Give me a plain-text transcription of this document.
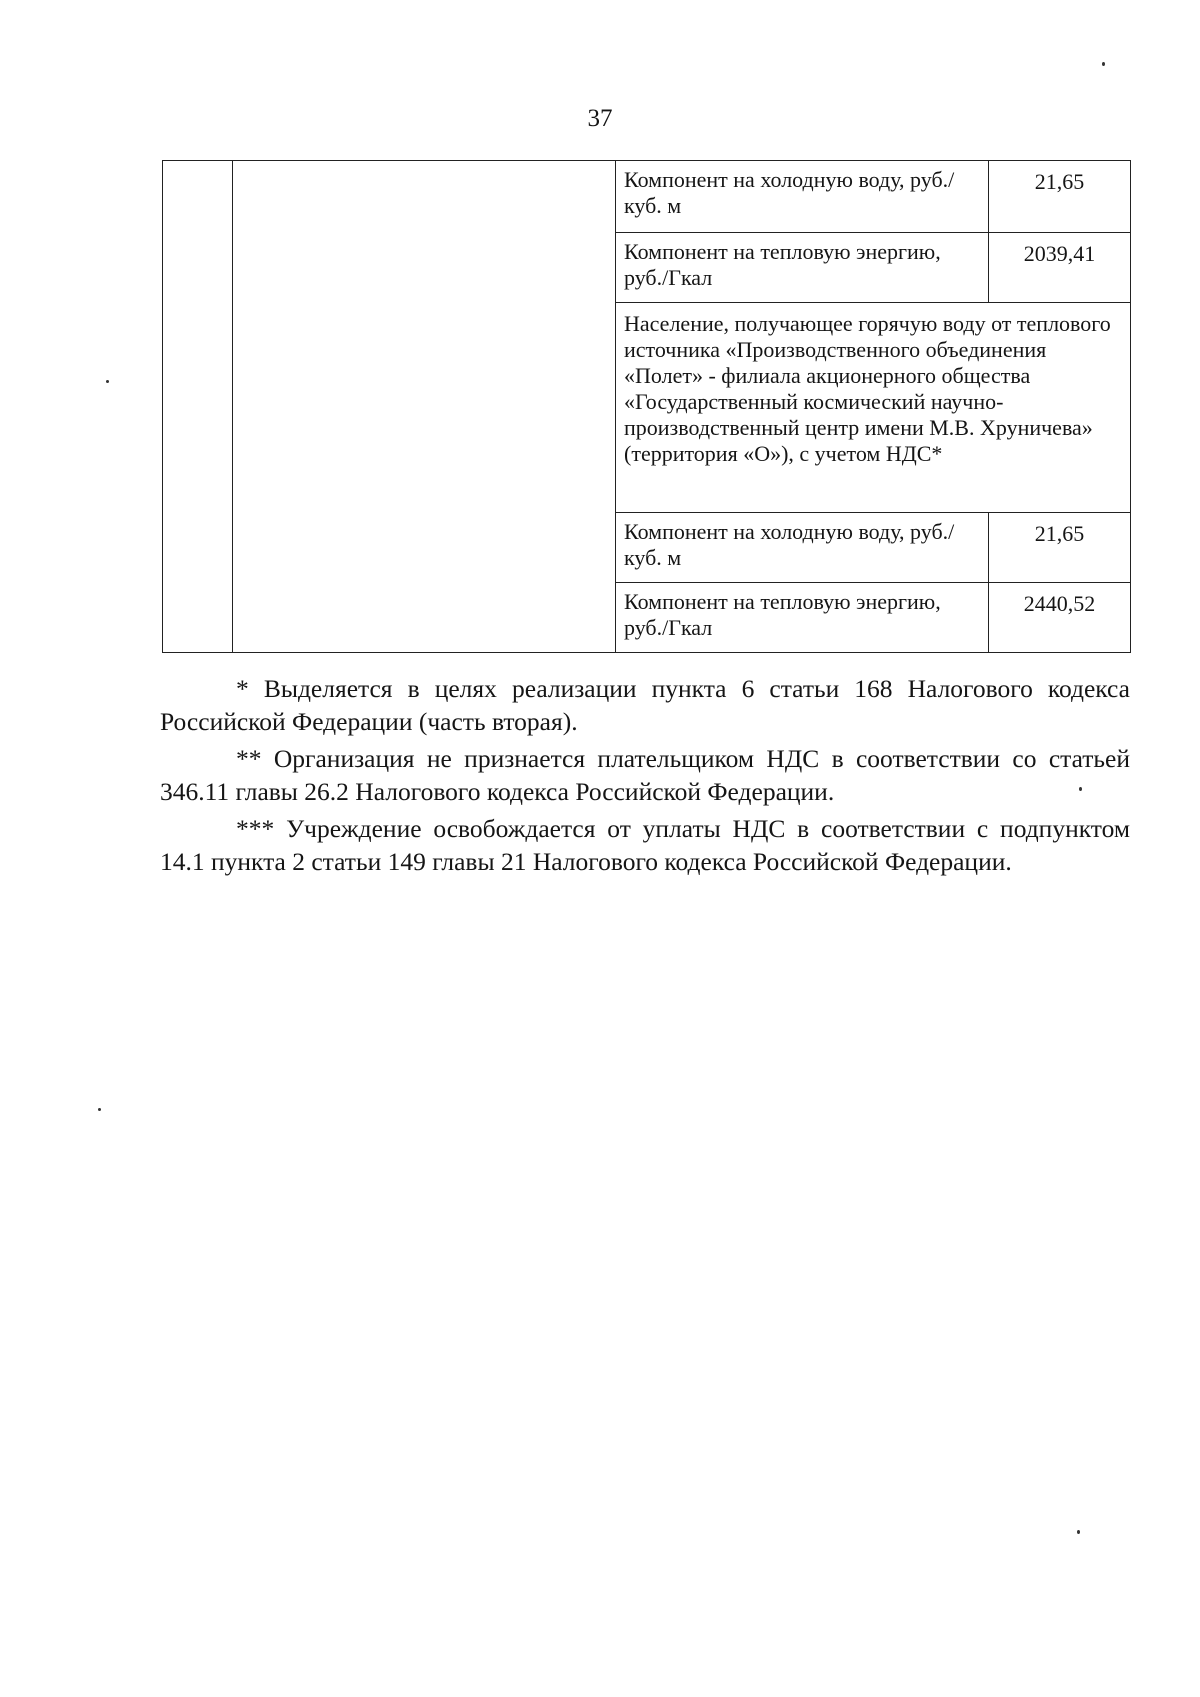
37
		Компонент на холодную воду, руб./куб. м	21,65
		Компонент на тепловую энергию, руб./Гкал	2039,41
		Население, получающее горячую воду от теплового источника «Производственного объединения «Полет» - филиала акционерного общества «Государственный космический научно-производственный центр имени М.В. Хруничева» (территория «О»), с учетом НДС*	
		Компонент на холодную воду, руб./куб. м	21,65
		Компонент на тепловую энергию, руб./Гкал	2440,52

* Выделяется в целях реализации пункта 6 статьи 168 Налогового кодекса Российской Федерации (часть вторая).

** Организация не признается плательщиком НДС в соответствии со статьей 346.11 главы 26.2 Налогового кодекса Российской Федерации.

*** Учреждение освобождается от уплаты НДС в соответствии с подпунктом 14.1 пункта 2 статьи 149 главы 21 Налогового кодекса Российской Федерации.
